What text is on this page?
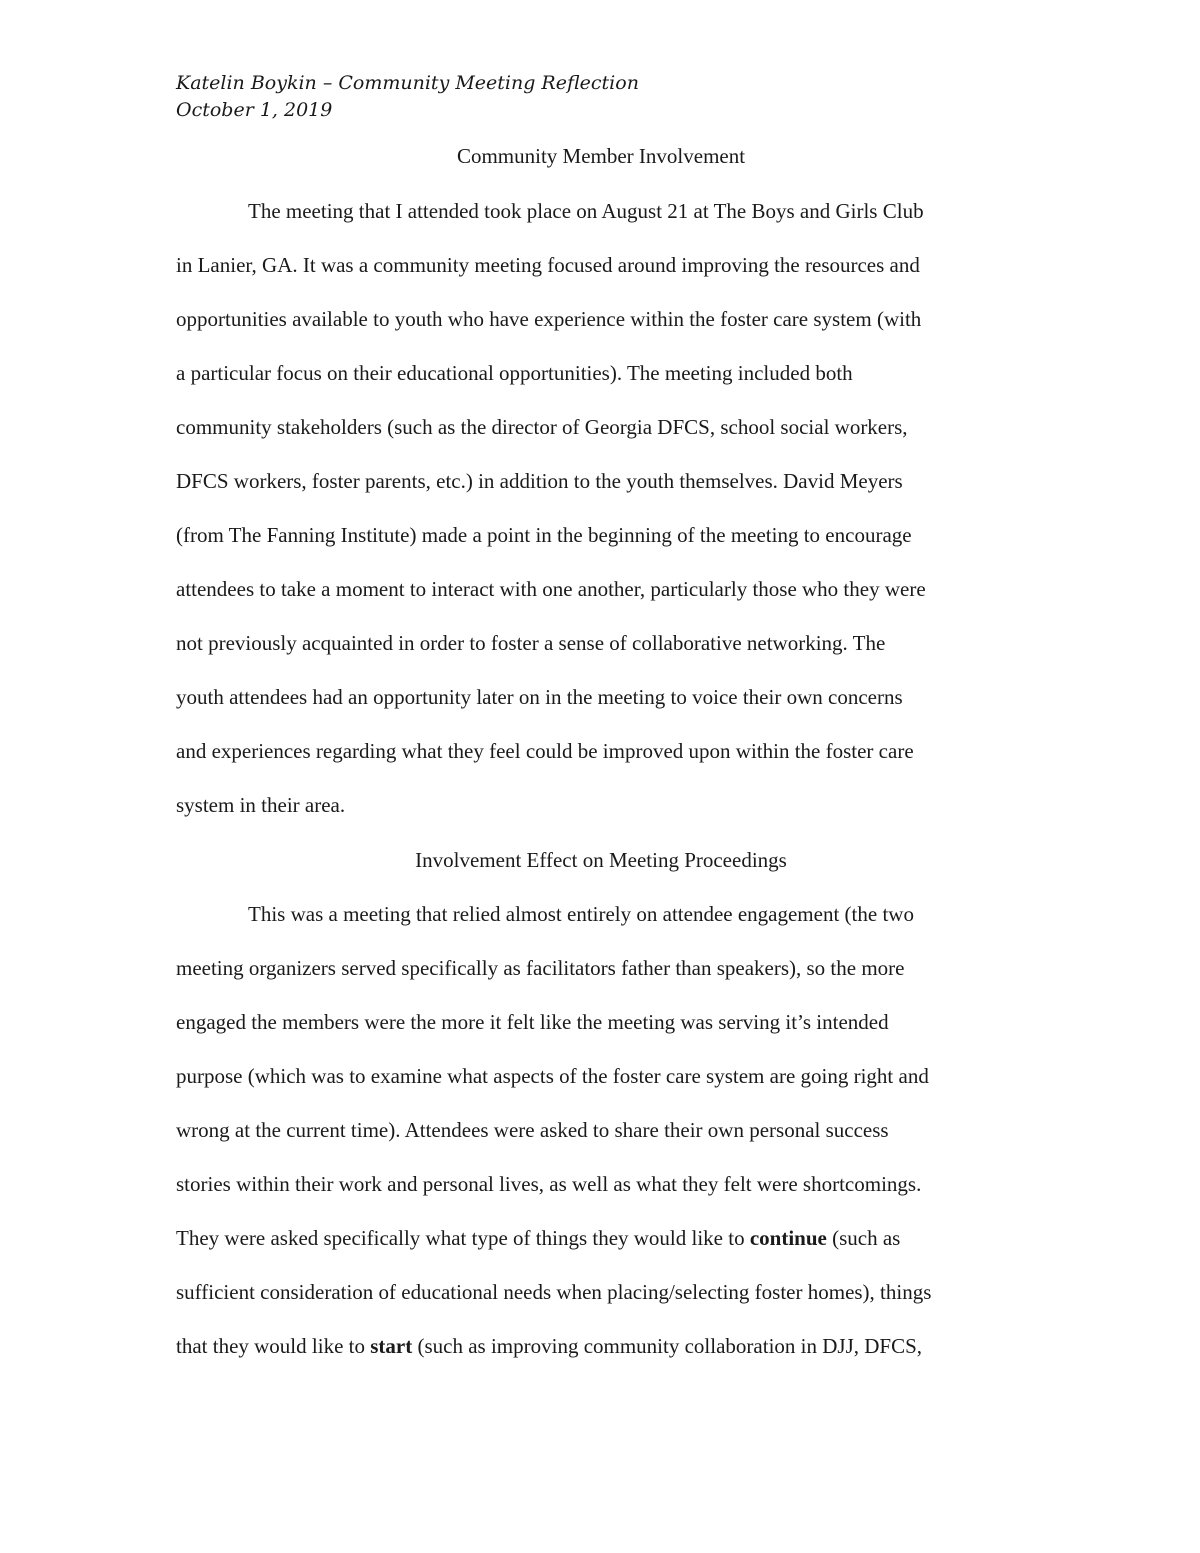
Katelin Boykin – Community Meeting Reflection
October 1, 2019
Community Member Involvement
The meeting that I attended took place on August 21 at The Boys and Girls Club
in Lanier, GA. It was a community meeting focused around improving the resources and
opportunities available to youth who have experience within the foster care system (with
a particular focus on their educational opportunities). The meeting included both
community stakeholders (such as the director of Georgia DFCS, school social workers,
DFCS workers, foster parents, etc.) in addition to the youth themselves. David Meyers
(from The Fanning Institute) made a point in the beginning of the meeting to encourage
attendees to take a moment to interact with one another, particularly those who they were
not previously acquainted in order to foster a sense of collaborative networking. The
youth attendees had an opportunity later on in the meeting to voice their own concerns
and experiences regarding what they feel could be improved upon within the foster care
system in their area.
Involvement Effect on Meeting Proceedings
This was a meeting that relied almost entirely on attendee engagement (the two
meeting organizers served specifically as facilitators father than speakers), so the more
engaged the members were the more it felt like the meeting was serving it’s intended
purpose (which was to examine what aspects of the foster care system are going right and
wrong at the current time). Attendees were asked to share their own personal success
stories within their work and personal lives, as well as what they felt were shortcomings.
They were asked specifically what type of things they would like to continue (such as
sufficient consideration of educational needs when placing/selecting foster homes), things
that they would like to start (such as improving community collaboration in DJJ, DFCS,
